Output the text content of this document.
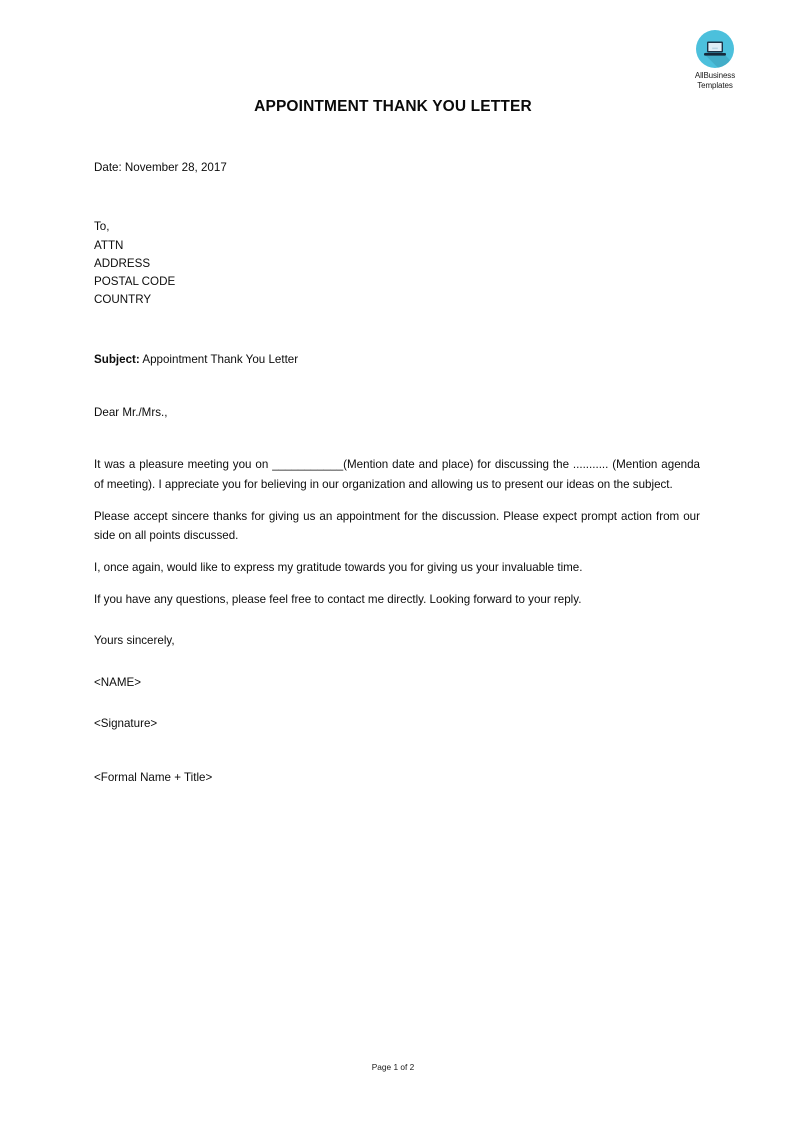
AllBusiness
Templates
APPOINTMENT THANK YOU LETTER
Date: November 28, 2017
To,
ATTN
ADDRESS
POSTAL CODE
COUNTRY
Subject: Appointment Thank You Letter
Dear Mr./Mrs.,

It was a pleasure meeting you on ___________(Mention date and place) for discussing the ........... (Mention agenda of meeting). I appreciate you for believing in our organization and allowing us to present our ideas on the subject.

Please accept sincere thanks for giving us an appointment for the discussion. Please expect prompt action from our side on all points discussed.

I, once again, would like to express my gratitude towards you for giving us your invaluable time.

If you have any questions, please feel free to contact me directly. Looking forward to your reply.

Yours sincerely,
<NAME>
<Signature>
<Formal Name + Title>
Page 1 of 2
